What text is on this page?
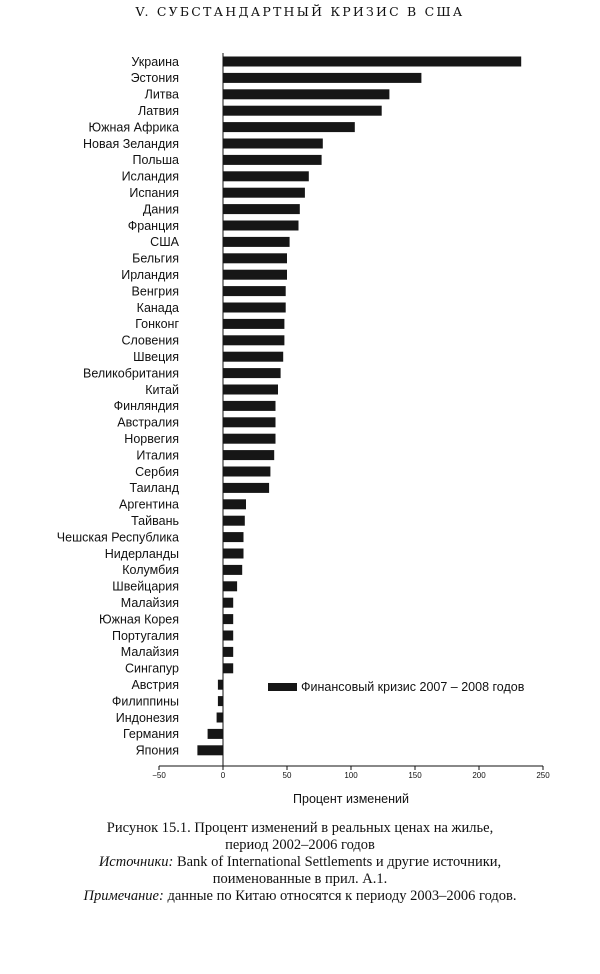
V. СУБСТАНДАРТНЫЙ КРИЗИС В США
Украина
Эстония
Литва
Латвия
Южная Африка
Новая Зеландия
Польша
Исландия
Испания
Дания
Франция
США
Бельгия
Ирландия
Венгрия
Канада
Гонконг
Словения
Швеция
Великобритания
Китай
Финляндия
Австралия
Норвегия
Италия
Сербия
Таиланд
Аргентина
Тайвань
Чешская Республика
Нидерланды
Колумбия
Швейцария
Малайзия
Южная Корея
Португалия
Малайзия
Сингапур
Австрия
Филиппины
Индонезия
Германия
Япония
−50	0	50	100	150	200	250
Процент изменений
Финансовый кризис 2007 – 2008 годов
Рисунок 15.1. Процент изменений в реальных ценах на жилье,
период 2002–2006 годов
Источники: Bank of International Settlements и другие источники,
поименованные в прил. А.1.
Примечание: данные по Китаю относятся к периоду 2003–2006 годов.
